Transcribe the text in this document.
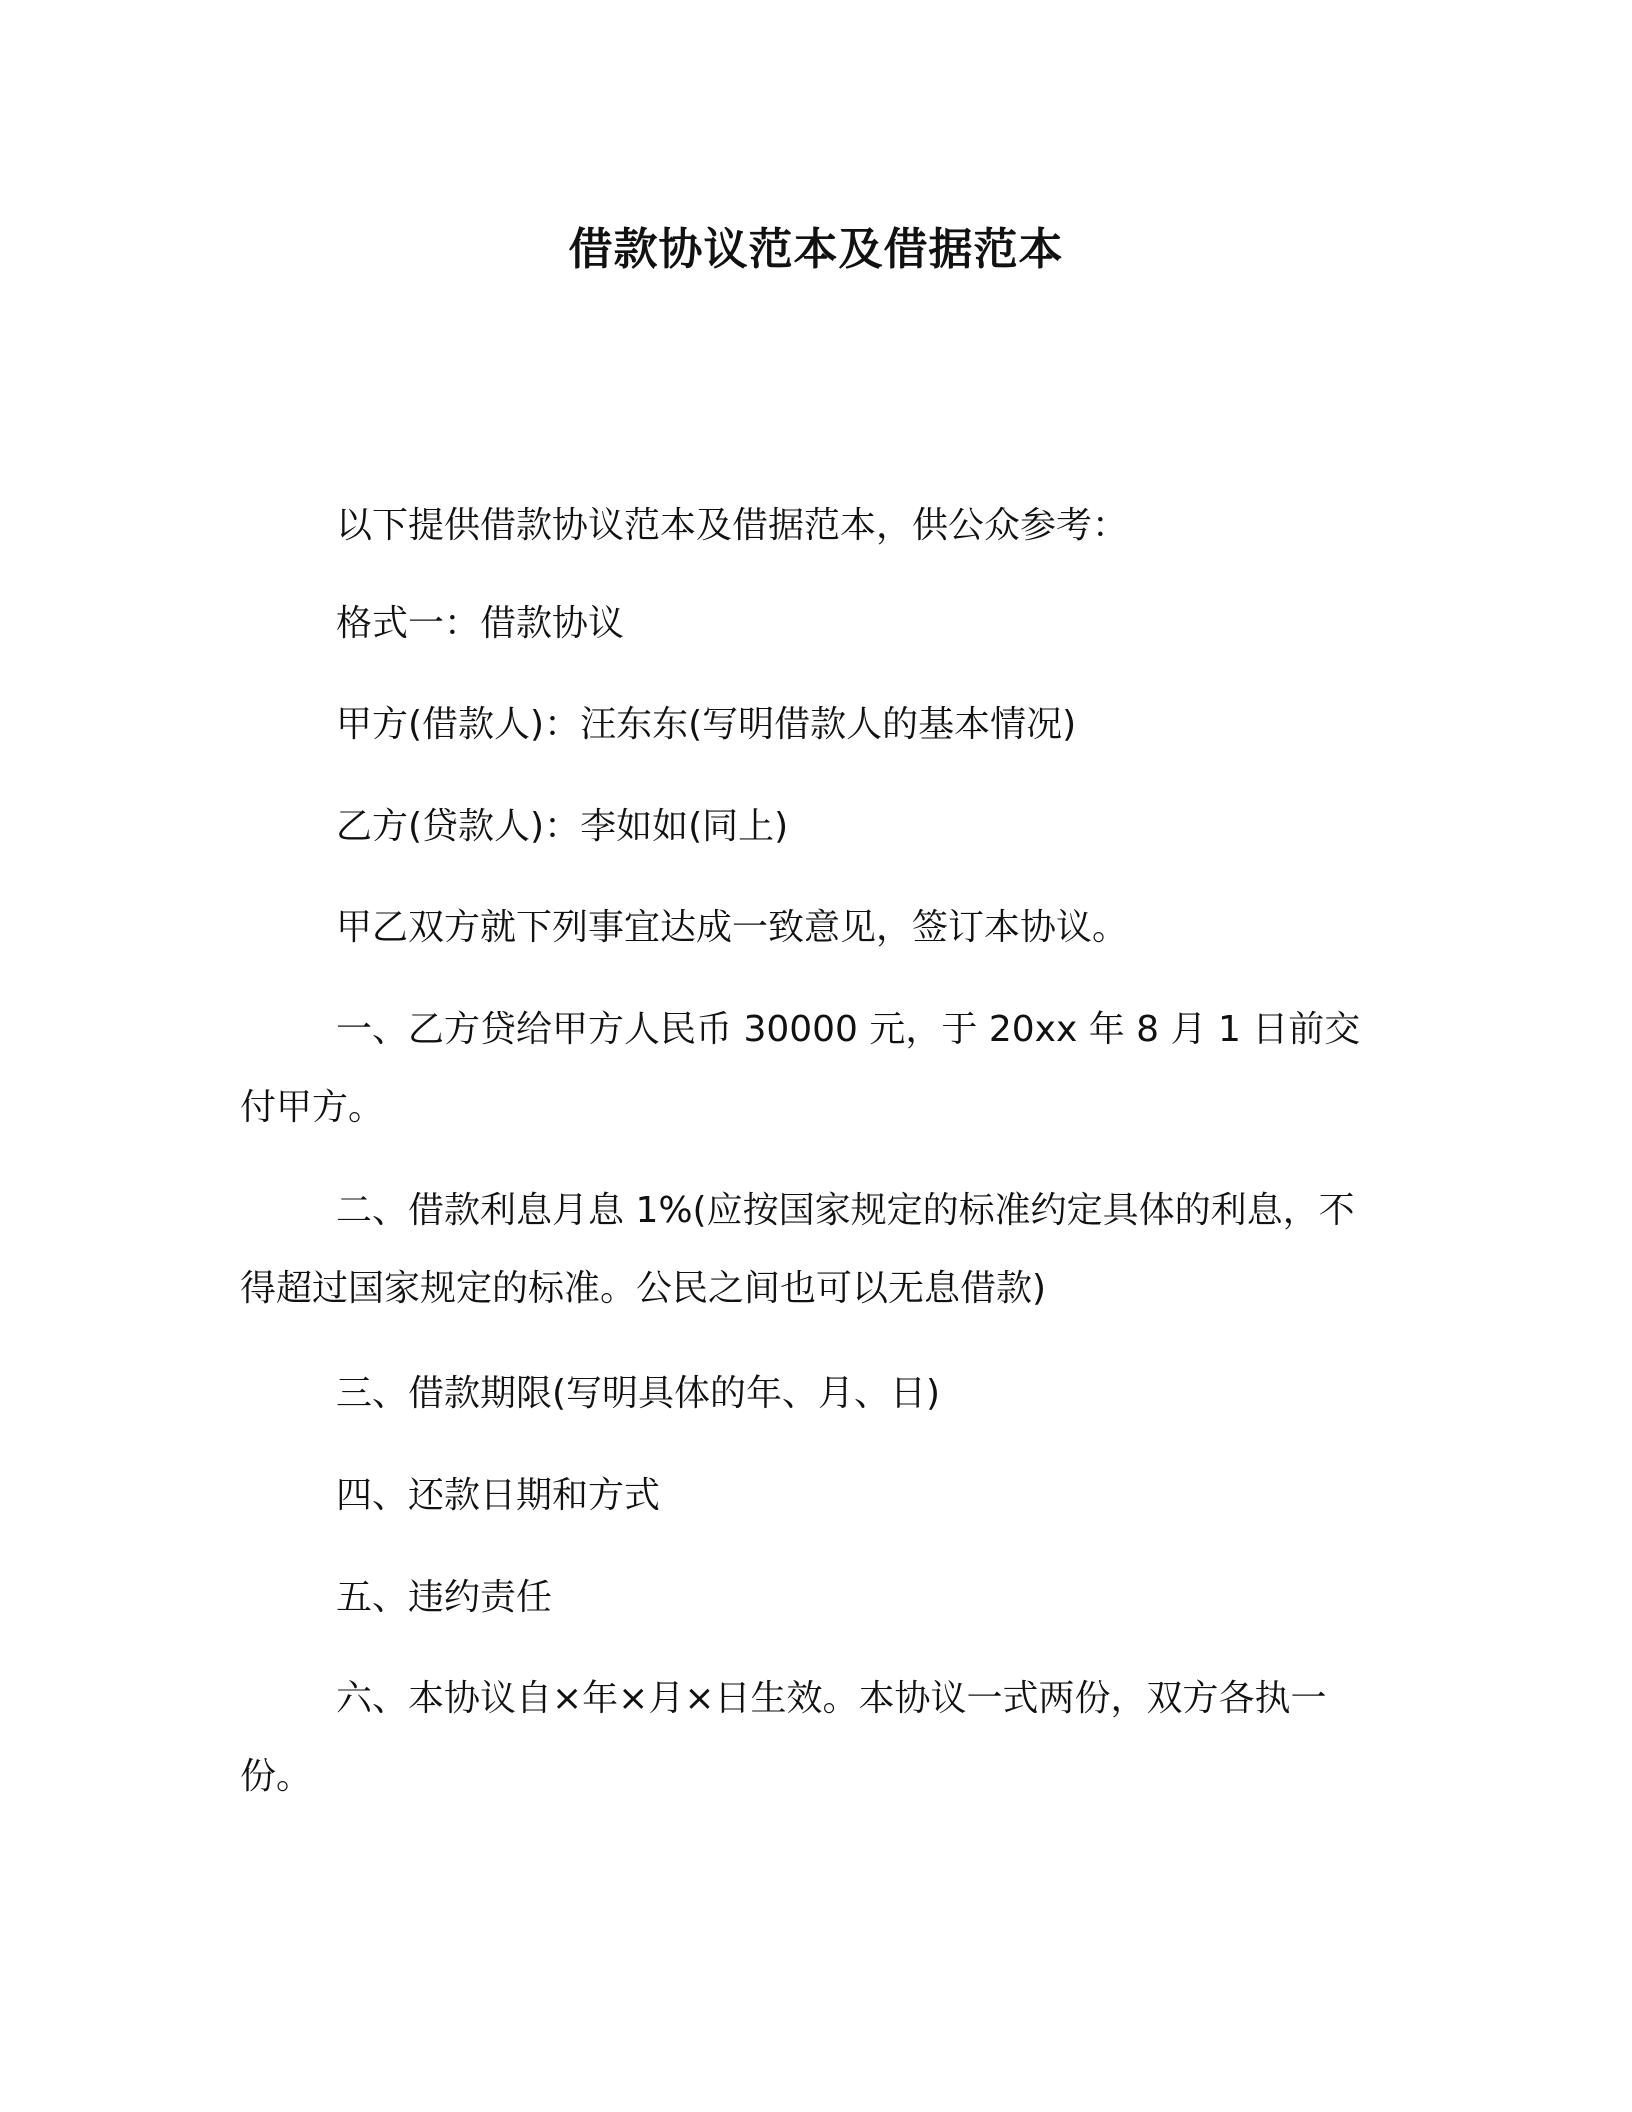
借款协议范本及借据范本
以下提供借款协议范本及借据范本，供公众参考：
格式一：借款协议
甲方(借款人)：汪东东(写明借款人的基本情况)
乙方(贷款人)：李如如(同上)
甲乙双方就下列事宜达成一致意见，签订本协议。
一、乙方贷给甲方人民币 30000 元，于 20xx 年 8 月 1 日前交付甲方。
二、借款利息月息 1%(应按国家规定的标准约定具体的利息，不得超过国家规定的标准。公民之间也可以无息借款)
三、借款期限(写明具体的年、月、日)
四、还款日期和方式
五、违约责任
六、本协议自×年×月×日生效。本协议一式两份，双方各执一份。
